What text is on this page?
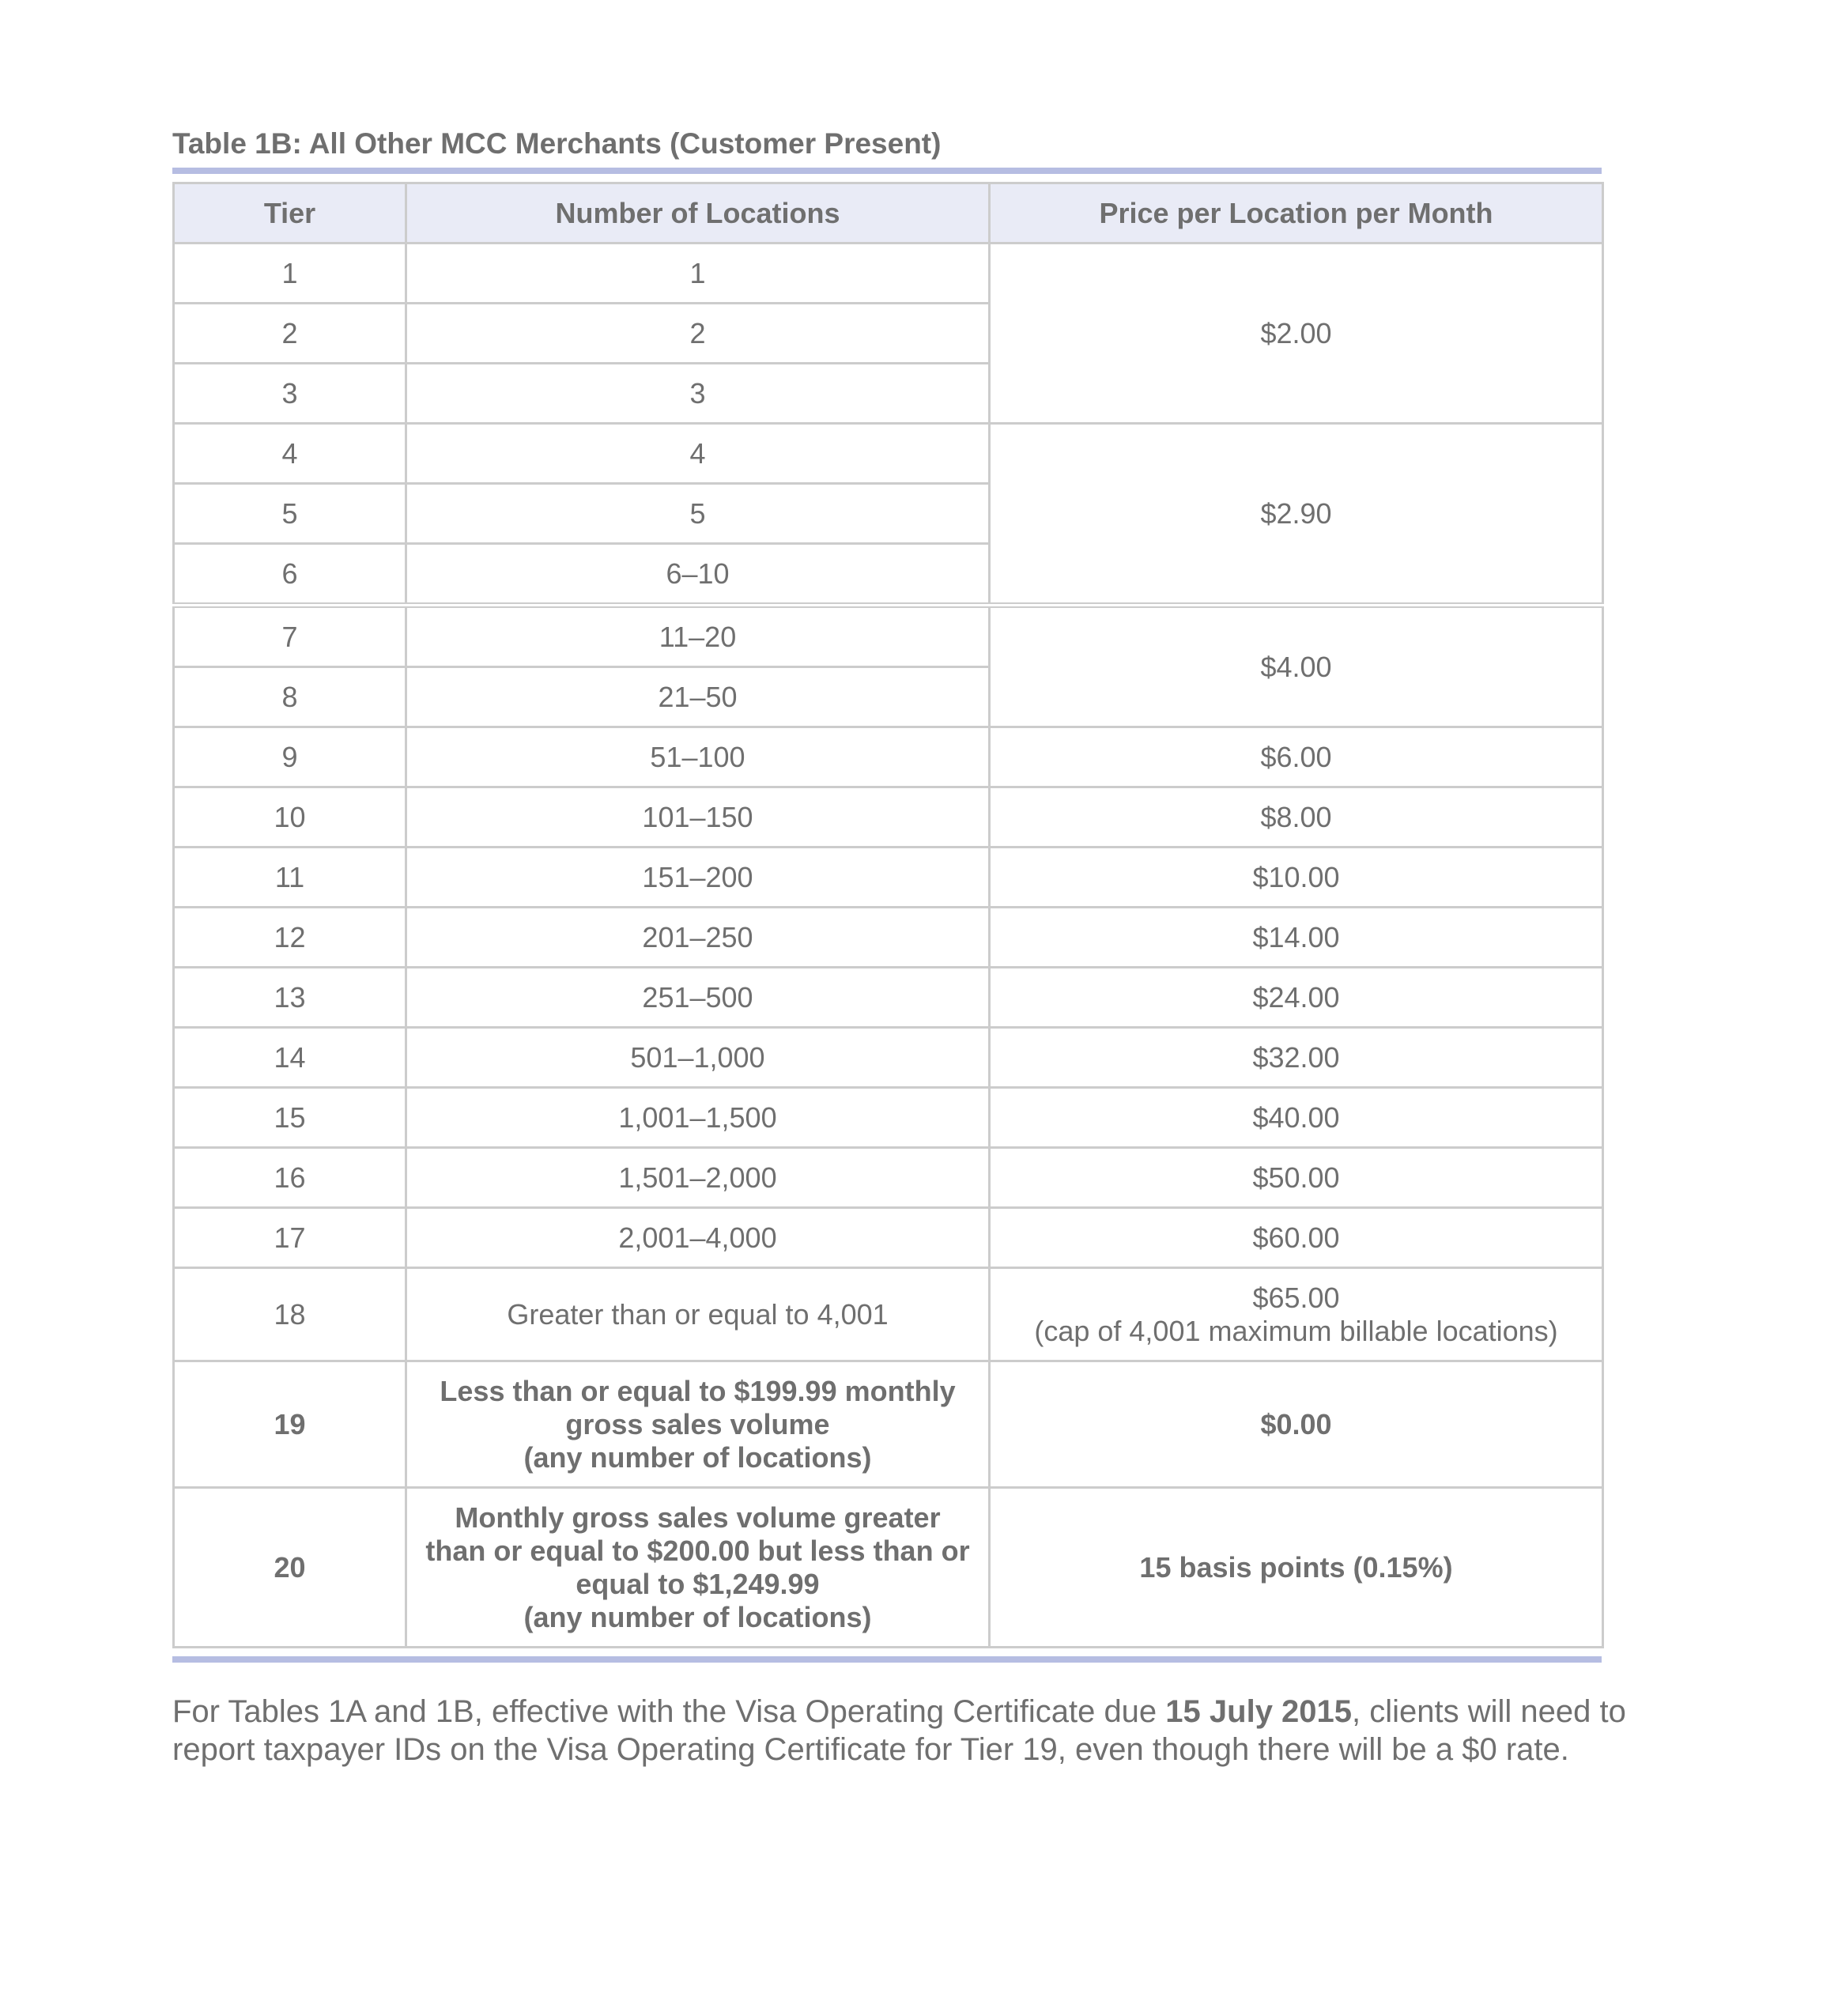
Table 1B: All Other MCC Merchants (Customer Present)
Tier	Number of Locations	Price per Location per Month
1	1	$2.00
2	2	
3	3	
4	4	$2.90
5	5	
6	6–10	
7	11–20	$4.00
8	21–50	
9	51–100	$6.00
10	101–150	$8.00
11	151–200	$10.00
12	201–250	$14.00
13	251–500	$24.00
14	501–1,000	$32.00
15	1,001–1,500	$40.00
16	1,501–2,000	$50.00
17	2,001–4,000	$60.00
18	Greater than or equal to 4,001	$65.00
(cap of 4,001 maximum billable locations)

19	Less than or equal to $199.99 monthly
gross sales volume
(any number of locations)	$0.00
20	Monthly gross sales volume greater
than or equal to $200.00 but less than or
equal to $1,249.99
(any number of locations)	15 basis points (0.15%)
For Tables 1A and 1B, effective with the Visa Operating Certificate due 15 July 2015, clients will need to
report taxpayer IDs on the Visa Operating Certificate for Tier 19, even though there will be a $0 rate.
